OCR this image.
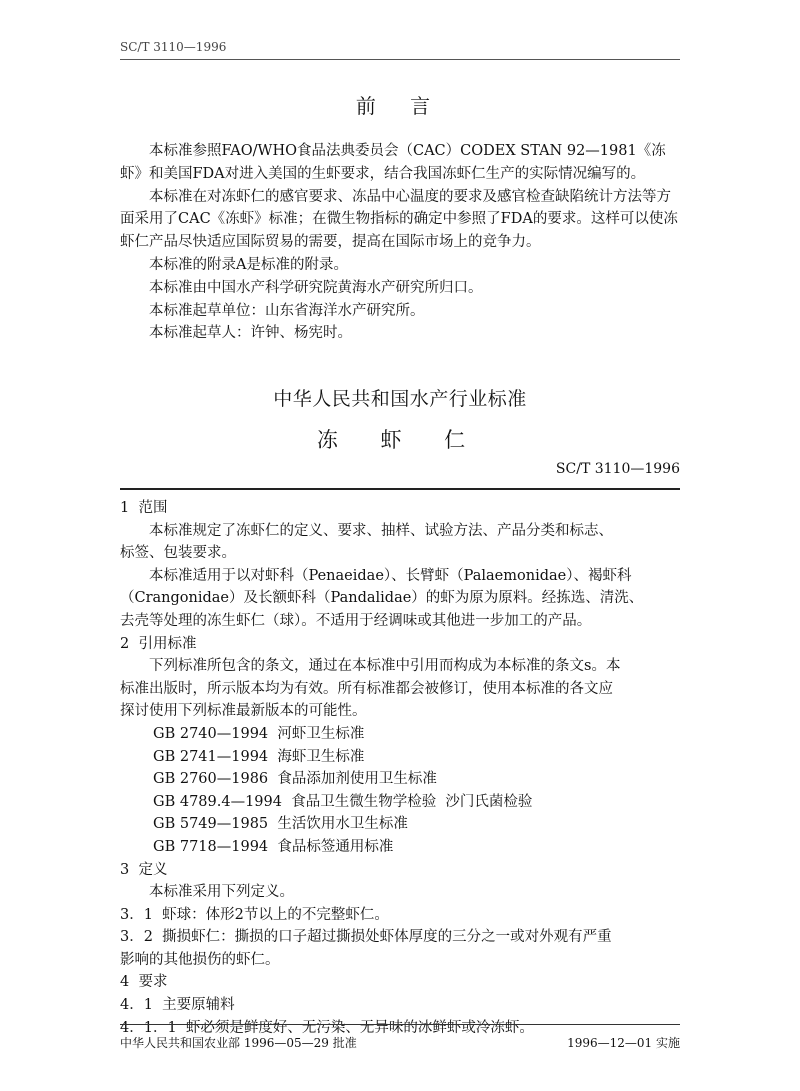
SC/T 3110—1996
前 言

本标准参照FAO/WHO食品法典委员会（CAC）CODEX STAN 92—1981《冻虾》和美国FDA对进入美国的生虾要求，结合我国冻虾仁生产的实际情况编写的。

本标准在对冻虾仁的感官要求、冻品中心温度的要求及感官检查缺陷统计方法等方面采用了CAC《冻虾》标准；在微生物指标的确定中参照了FDA的要求。这样可以使冻虾仁产品尽快适应国际贸易的需要，提高在国际市场上的竞争力。

本标准的附录A是标准的附录。

本标准由中国水产科学研究院黄海水产研究所归口。

本标准起草单位：山东省海洋水产研究所。

本标准起草人：许钟、杨宪时。

中华人民共和国水产行业标准
冻 虾 仁
SC/T 3110—1996

1  范围

本标准规定了冻虾仁的定义、要求、抽样、试验方法、产品分类和标志、

标签、包装要求。

本标准适用于以对虾科（Penaeidae）、长臂虾（Palaemonidae）、褐虾科

（Crangonidae）及长额虾科（Pandalidae）的虾为原为原料。经拣选、清洗、

去壳等处理的冻生虾仁（球）。不适用于经调味或其他进一步加工的产品。

2  引用标准

下列标准所包含的条文，通过在本标准中引用而构成为本标准的条文s。本

标准出版时，所示版本均为有效。所有标准都会被修订，使用本标准的各文应

探讨使用下列标准最新版本的可能性。

GB 2740—1994  河虾卫生标准

GB 2741—1994  海虾卫生标准

GB 2760—1986  食品添加剂使用卫生标准

GB 4789.4—1994  食品卫生微生物学检验  沙门氏菌检验

GB 5749—1985  生活饮用水卫生标准

GB 7718—1994  食品标签通用标准

3  定义

本标准采用下列定义。

3．1  虾球：体形2节以上的不完整虾仁。

3．2  撕损虾仁：撕损的口子超过撕损处虾体厚度的三分之一或对外观有严重

影响的其他损伤的虾仁。

4  要求

4．1  主要原辅料

4．1．1  虾必须是鲜度好、无污染、无异味的冰鲜虾或冷冻虾。

中华人民共和国农业部 1996—05—29 批准	1996—12—01 实施
